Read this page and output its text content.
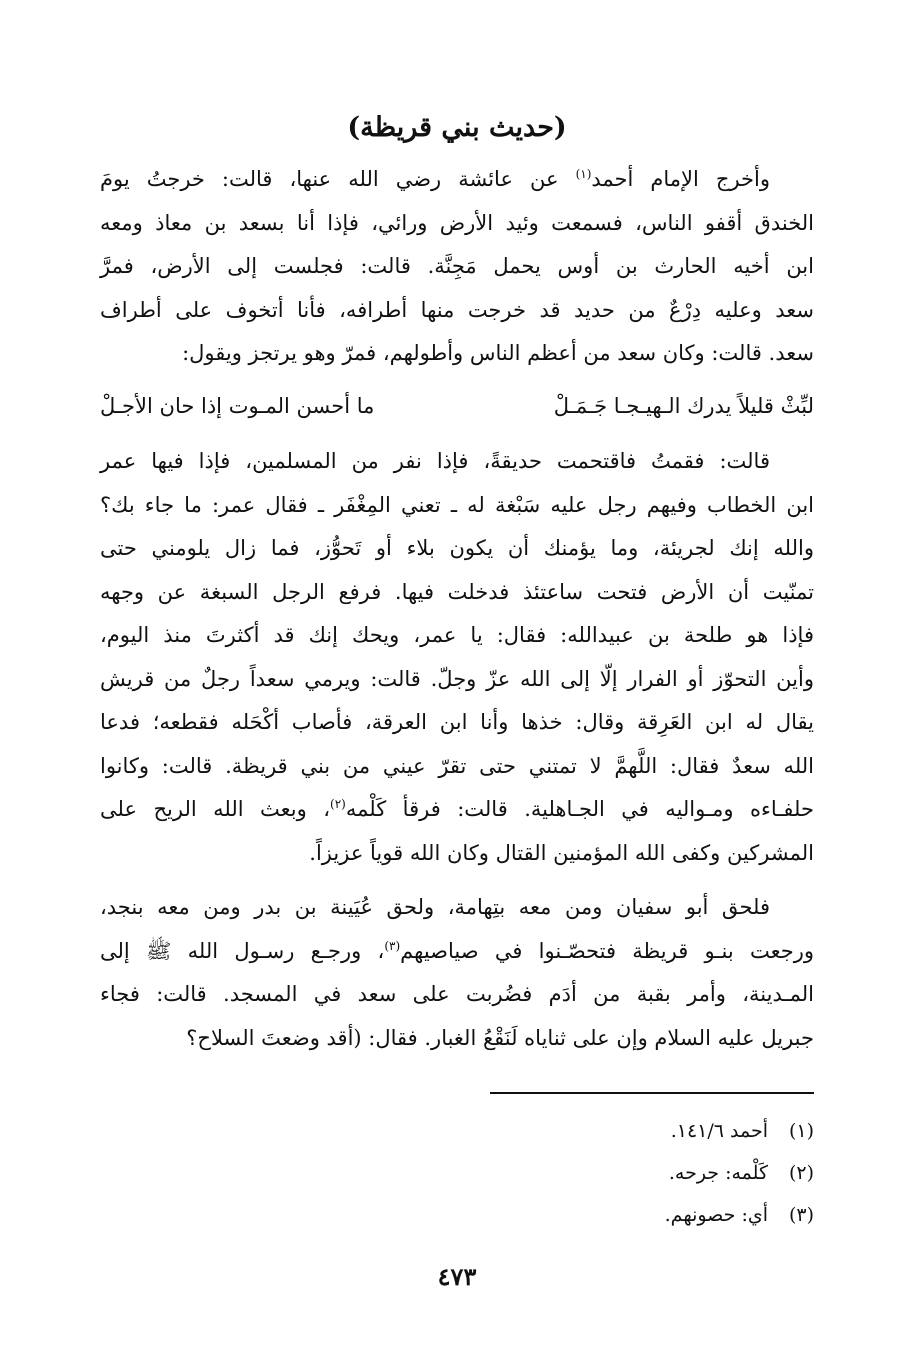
(حديث بني قريظة)
وأخرج الإمام أحمد$^{(١)}$ عن عائشة رضي الله عنها، قالت: خرجتُ يومَ
الخندق أقفو الناس، فسمعت وئيد الأرض ورائي، فإذا أنا بسعد بن معاذ ومعه
ابن أخيه الحارث بن أوس يحمل مَجِنَّة. قالت: فجلست إلى الأرض، فمرَّ
سعد وعليه دِرْعٌ من حديد قد خرجت منها أطرافه، فأنا أتخوف على أطراف
سعد. قالت: وكان سعد من أعظم الناس وأطولهم، فمرّ وهو يرتجز ويقول:
لبِّثْ قليلاً يدرك الـهيـجـا جَـمَـلْ
ما أحسن المـوت إذا حان الأجـلْ
قالت: فقمتُ فاقتحمت حديقةً، فإذا نفر من المسلمين، فإذا فيها عمر
ابن الخطاب وفيهم رجل عليه سَبْغة له ـ تعني المِغْفَر ـ فقال عمر: ما جاء بك؟
والله إنك لجريئة، وما يؤمنك أن يكون بلاء أو تَحوُّز، فما زال يلومني حتى
تمنّيت أن الأرض فتحت ساعتئذ فدخلت فيها. فرفع الرجل السبغة عن وجهه
فإذا هو طلحة بن عبيدالله: فقال: يا عمر، ويحك إنك قد أكثرتَ منذ اليوم،
وأين التحوّز أو الفرار إلّا إلى الله عزّ وجلّ. قالت: ويرمي سعداً رجلٌ من قريش
يقال له ابن العَرِقة وقال: خذها وأنا ابن العرقة، فأصاب أكْحَله فقطعه؛ فدعا
الله سعدٌ فقال: اللَّهمَّ لا تمتني حتى تقرّ عيني من بني قريظة. قالت: وكانوا
حلفـاءه ومـواليه في الجـاهلية. قالت: فرقأ كَلْمه$^{(٢)}$، وبعث الله الريح على
المشركين وكفى الله المؤمنين القتال وكان الله قوياً عزيزاً.
فلحق أبو سفيان ومن معه بتِهامة، ولحق عُيَينة بن بدر ومن معه بنجد،
ورجعت بنـو قريظة فتحصّـنوا في صياصيهم$^{(٣)}$، ورجـع رسـول الله ﷺ إلى
المـدينة، وأمر بقبة من أدَم فضُربت على سعد في المسجد. قالت: فجاء
جبريل عليه السلام وإن على ثناياه لَنَقْعُ الغبار. فقال: (أقد وضعتَ السلاح؟
(١)أحمد ١٤١/٦.
(٢)كَلْمه: جرحه.
(٣)أي: حصونهم.
٤٧٣
